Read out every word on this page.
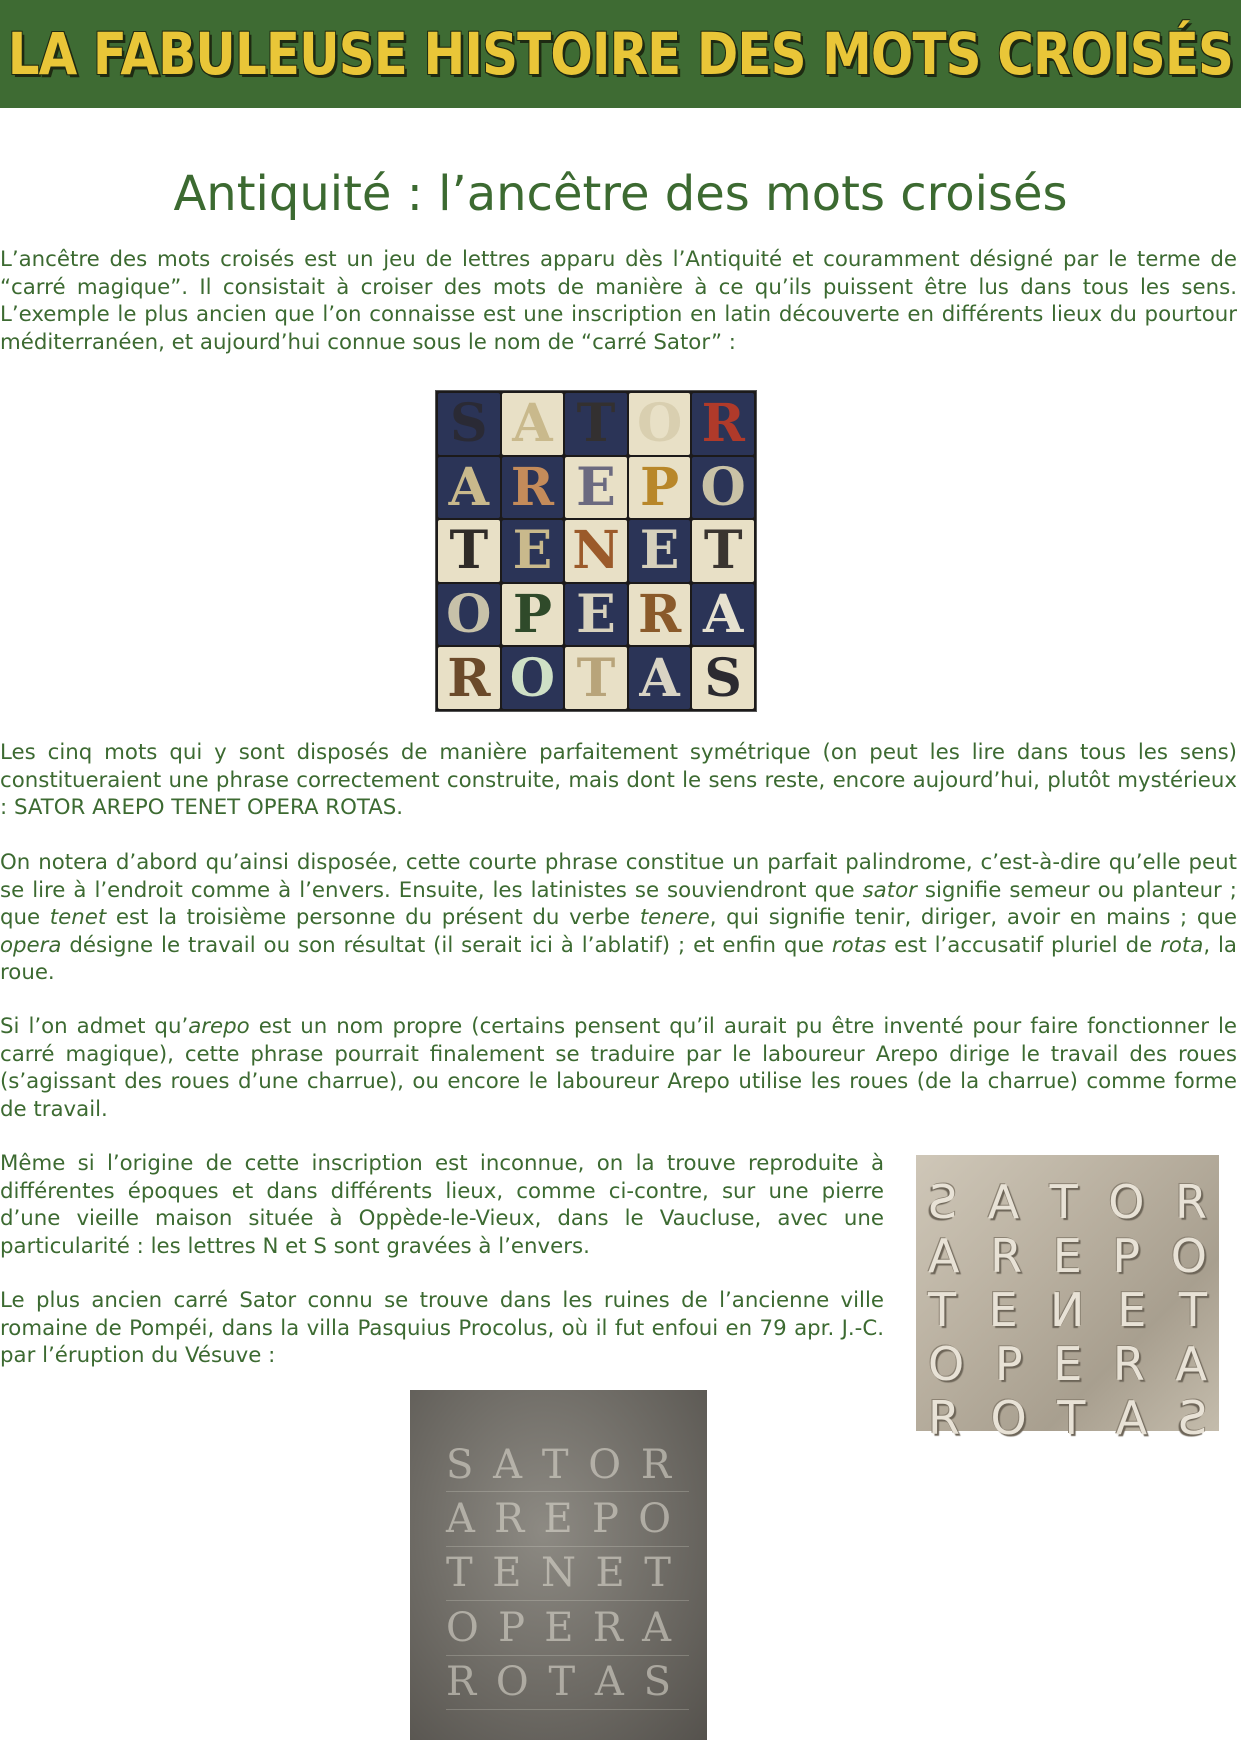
LA FABULEUSE HISTOIRE DES MOTS CROISÉS
Antiquité : l’ancêtre des mots croisés

L’ancêtre des mots croisés est un jeu de lettres apparu dès l’Antiquité et couramment désigné par le terme de “carré magique”. Il consistait à croiser des mots de manière à ce qu’ils puissent être lus dans tous les sens. L’exemple le plus ancien que l’on connaisse est une inscription en latin découverte en différents lieux du pourtour méditerranéen, et aujourd’hui connue sous le nom de “carré Sator” :

S A T O R
A R E P O
T E N E T
O P E R A
R O T A S

Les cinq mots qui y sont disposés de manière parfaitement symétrique (on peut les lire dans tous les sens) constitueraient une phrase correctement construite, mais dont le sens reste, encore aujourd’hui, plutôt mystérieux : SATOR AREPO TENET OPERA ROTAS.

On notera d’abord qu’ainsi disposée, cette courte phrase constitue un parfait palindrome, c’est-à-dire qu’elle peut se lire à l’endroit comme à l’envers. Ensuite, les latinistes se souviendront que sator signifie semeur ou planteur ; que tenet est la troisième personne du présent du verbe tenere, qui signifie tenir, diriger, avoir en mains ; que opera désigne le travail ou son résultat (il serait ici à l’ablatif) ; et enfin que rotas est l’accusatif pluriel de rota, la roue.

Si l’on admet qu’arepo est un nom propre (certains pensent qu’il aurait pu être inventé pour faire fonctionner le carré magique), cette phrase pourrait finalement se traduire par le laboureur Arepo dirige le travail des roues (s’agissant des roues d’une charrue), ou encore le laboureur Arepo utilise les roues (de la charrue) comme forme de travail.

Même si l’origine de cette inscription est inconnue, on la trouve reproduite à différentes époques et dans différents lieux, comme ci-contre, sur une pierre d’une vieille maison située à Oppède-le-Vieux, dans le Vaucluse, avec une particularité : les lettres N et S sont gravées à l’envers.

S A T O R
A R E P O
T E N E T
O P E R A
R O T A S

Le plus ancien carré Sator connu se trouve dans les ruines de l’ancienne ville romaine de Pompéi, dans la villa Pasquius Procolus, où il fut enfoui en 79 apr. J.-C. par l’éruption du Vésuve :

S A T O R
A R E P O
T E N E T
O P E R A
R O T A S
